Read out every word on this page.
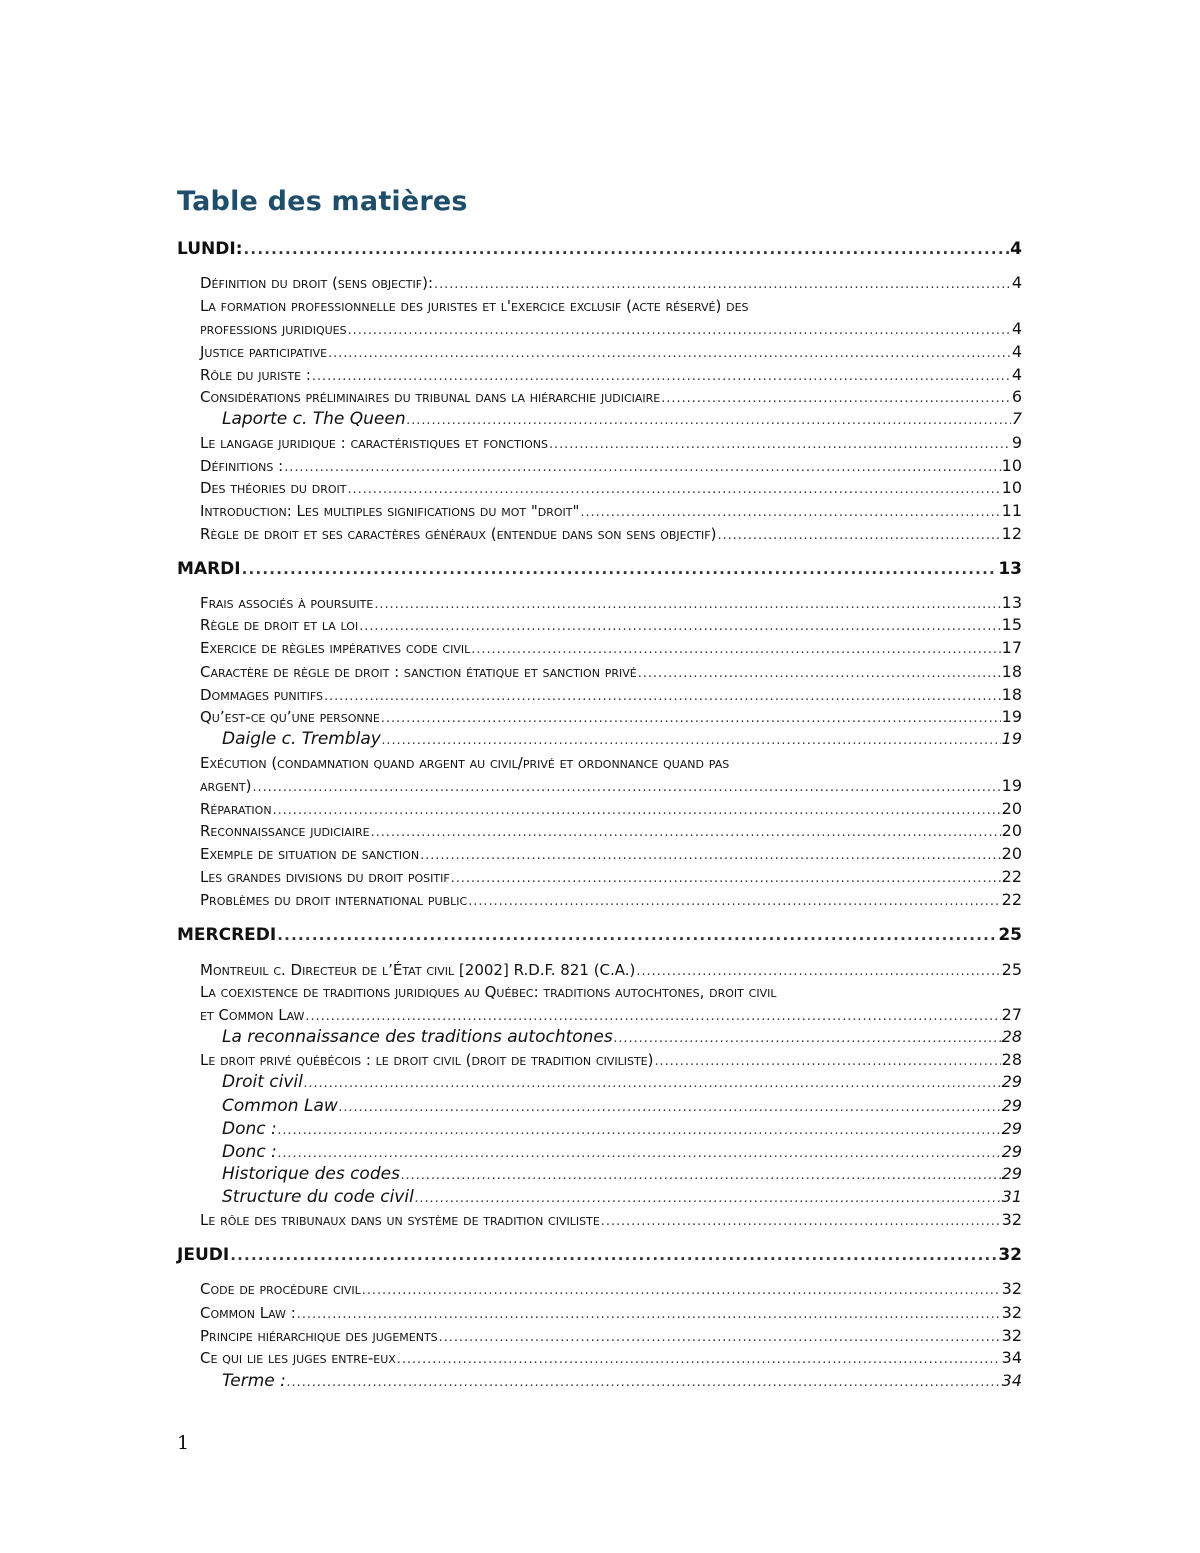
Table des matières
LUNDI: . . .	4
Définition du droit (sens objectif): . . .	4
La formation professionnelle des juristes et l'exercice exclusif (acte réservé) des
professions juridiques . . .	4
Justice participative . . .	4
Rôle du juriste : . . .	4
Considérations préliminaires du tribunal dans la hiérarchie judiciaire . . .	6
Laporte c. The Queen . . .	7
Le langage juridique : caractéristiques et fonctions . . .	9
Définitions : . . .	10
Des théories du droit . . .	10
Introduction: Les multiples significations du mot "droit" . . .	11
Règle de droit et ses caractères généraux (entendue dans son sens objectif) . . .	12
MARDI . . .	13
Frais associés à poursuite . . .	13
Règle de droit et la loi . . .	15
Exercice de règles impératives code civil . . .	17
Caractère de règle de droit : sanction étatique et sanction privé . . .	18
Dommages punitifs . . .	18
Qu’est-ce qu’une personne . . .	19
Daigle c. Tremblay . . .	19
Exécution (condamnation quand argent au civil/privé et ordonnance quand pas
argent) . . .	19
Réparation . . .	20
Reconnaissance judiciaire . . .	20
Exemple de situation de sanction . . .	20
Les grandes divisions du droit positif . . .	22
Problèmes du droit international public . . .	22
MERCREDI . . .	25
Montreuil c. Directeur de l’État civil [2002] R.D.F. 821 (C.A.) . . .	25
La coexistence de traditions juridiques au Québec: traditions autochtones, droit civil
et Common Law . . .	27
La reconnaissance des traditions autochtones . . .	28
Le droit privé québécois : le droit civil (droit de tradition civiliste) . . .	28
Droit civil . . .	29
Common Law . . .	29
Donc : . . .	29
Donc : . . .	29
Historique des codes . . .	29
Structure du code civil . . .	31
Le rôle des tribunaux dans un système de tradition civiliste . . .	32
JEUDI . . .	32
Code de procédure civil . . .	32
Common Law : . . .	32
Principe hiérarchique des jugements . . .	32
Ce qui lie les juges entre-eux . . .	34
Terme : . . .	34
1
